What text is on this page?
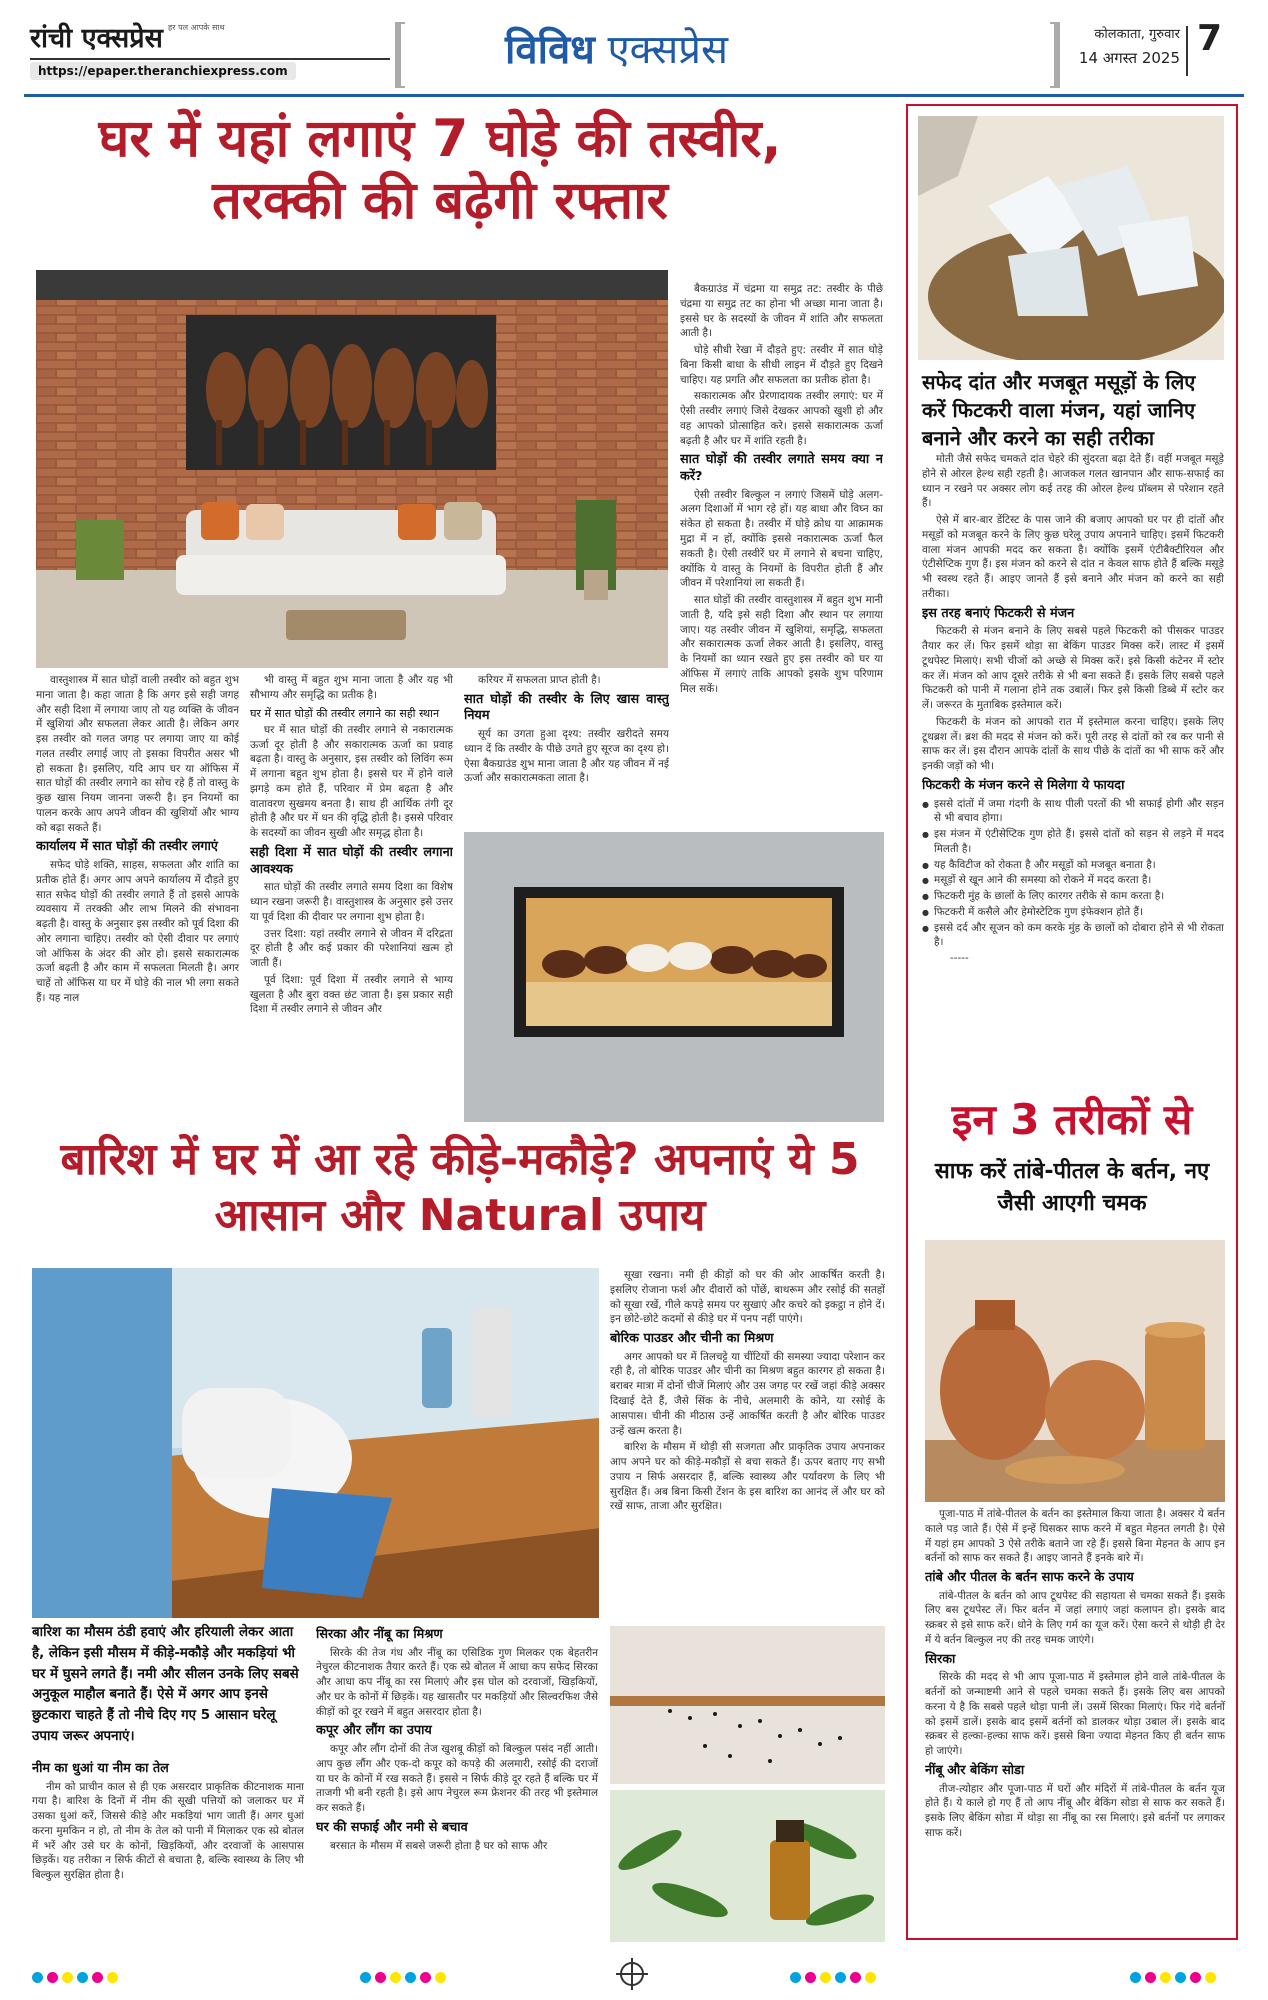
रांची एक्सप्रेस हर पल आपके साथ
https://epaper.theranchiexpress.com	विविध एक्सप्रेस	कोलकाता, गुरुवार
14 अगस्त 2025 7
घर में यहां लगाएं 7 घोड़े की तस्वीर, तरक्की की बढ़ेगी रफ्तार

वास्तुशास्त्र में सात घोड़ों वाली तस्वीर को बहुत शुभ माना जाता है। कहा जाता है कि अगर इसे सही जगह और सही दिशा में लगाया जाए तो यह व्यक्ति के जीवन में खुशियां और सफलता लेकर आती है। लेकिन अगर इस तस्वीर को गलत जगह पर लगाया जाए या कोई गलत तस्वीर लगाई जाए तो इसका विपरीत असर भी हो सकता है। इसलिए, यदि आप घर या ऑफिस में सात घोड़ों की तस्वीर लगाने का सोच रहे हैं तो वास्तु के कुछ खास नियम जानना जरूरी है। इन नियमों का पालन करके आप अपने जीवन की खुशियों और भाग्य को बढ़ा सकते हैं।

कार्यालय में सात घोड़ों की तस्वीर लगाएं

सफेद घोड़े शक्ति, साहस, सफलता और शांति का प्रतीक होते हैं। अगर आप अपने कार्यालय में दौड़ते हुए सात सफेद घोड़ों की तस्वीर लगाते हैं तो इससे आपके व्यवसाय में तरक्की और लाभ मिलने की संभावना बढ़ती है। वास्तु के अनुसार इस तस्वीर को पूर्व दिशा की ओर लगाना चाहिए। तस्वीर को ऐसी दीवार पर लगाएं जो ऑफिस के अंदर की ओर हो। इससे सकारात्मक ऊर्जा बढ़ती है और काम में सफलता मिलती है। अगर चाहें तो ऑफिस या घर में घोड़े की नाल भी लगा सकते हैं। यह नाल

भी वास्तु में बहुत शुभ माना जाता है और यह भी सौभाग्य और समृद्धि का प्रतीक है।

घर में सात घोड़ों की तस्वीर लगाने का सही स्थान

घर में सात घोड़ों की तस्वीर लगाने से नकारात्मक ऊर्जा दूर होती है और सकारात्मक ऊर्जा का प्रवाह बढ़ता है। वास्तु के अनुसार, इस तस्वीर को लिविंग रूम में लगाना बहुत शुभ होता है। इससे घर में होने वाले झगड़े कम होते हैं, परिवार में प्रेम बढ़ता है और वातावरण सुखमय बनता है। साथ ही आर्थिक तंगी दूर होती है और घर में धन की वृद्धि होती है। इससे परिवार के सदस्यों का जीवन सुखी और समृद्ध होता है।

सही दिशा में सात घोड़ों की तस्वीर लगाना आवश्यक

सात घोड़ों की तस्वीर लगाते समय दिशा का विशेष ध्यान रखना जरूरी है। वास्तुशास्त्र के अनुसार इसे उत्तर या पूर्व दिशा की दीवार पर लगाना शुभ होता है।

उत्तर दिशा: यहां तस्वीर लगाने से जीवन में दरिद्रता दूर होती है और कई प्रकार की परेशानियां खत्म हो जाती हैं।

पूर्व दिशा: पूर्व दिशा में तस्वीर लगाने से भाग्य खुलता है और बुरा वक्त छंट जाता है। इस प्रकार सही दिशा में तस्वीर लगाने से जीवन और

करियर में सफलता प्राप्त होती है।

सात घोड़ों की तस्वीर के लिए खास वास्तु नियम

सूर्य का उगता हुआ दृश्य: तस्वीर खरीदते समय ध्यान दें कि तस्वीर के पीछे उगते हुए सूरज का दृश्य हो। ऐसा बैकग्राउंड शुभ माना जाता है और यह जीवन में नई ऊर्जा और सकारात्मकता लाता है।

बैकग्राउंड में चंद्रमा या समुद्र तट: तस्वीर के पीछे चंद्रमा या समुद्र तट का होना भी अच्छा माना जाता है। इससे घर के सदस्यों के जीवन में शांति और सफलता आती है।

घोड़े सीधी रेखा में दौड़ते हुए: तस्वीर में सात घोड़े बिना किसी बाधा के सीधी लाइन में दौड़ते हुए दिखने चाहिए। यह प्रगति और सफलता का प्रतीक होता है।

सकारात्मक और प्रेरणादायक तस्वीर लगाएं: घर में ऐसी तस्वीर लगाएं जिसे देखकर आपको खुशी हो और वह आपको प्रोत्साहित करे। इससे सकारात्मक ऊर्जा बढ़ती है और घर में शांति रहती है।

सात घोड़ों की तस्वीर लगाते समय क्या न करें?

ऐसी तस्वीर बिल्कुल न लगाएं जिसमें घोड़े अलग-अलग दिशाओं में भाग रहे हों। यह बाधा और विघ्न का संकेत हो सकता है। तस्वीर में घोड़े क्रोध या आक्रामक मुद्रा में न हों, क्योंकि इससे नकारात्मक ऊर्जा फैल सकती है। ऐसी तस्वीरें घर में लगाने से बचना चाहिए, क्योंकि ये वास्तु के नियमों के विपरीत होती हैं और जीवन में परेशानियां ला सकती हैं।

सात घोड़ों की तस्वीर वास्तुशास्त्र में बहुत शुभ मानी जाती है, यदि इसे सही दिशा और स्थान पर लगाया जाए। यह तस्वीर जीवन में खुशियां, समृद्धि, सफलता और सकारात्मक ऊर्जा लेकर आती है। इसलिए, वास्तु के नियमों का ध्यान रखते हुए इस तस्वीर को घर या ऑफिस में लगाएं ताकि आपको इसके शुभ परिणाम मिल सकें।

बारिश में घर में आ रहे कीड़े-मकौड़े? अपनाएं ये 5 आसान और Natural उपाय
बारिश का मौसम ठंडी हवाएं और हरियाली लेकर आता है, लेकिन इसी मौसम में कीड़े-मकौड़े और मकड़ियां भी घर में घुसने लगते हैं। नमी और सीलन उनके लिए सबसे अनुकूल माहौल बनाते हैं। ऐसे में अगर आप इनसे छुटकारा चाहते हैं तो नीचे दिए गए 5 आसान घरेलू उपाय जरूर अपनाएं।

नीम का धुआं या नीम का तेल

नीम को प्राचीन काल से ही एक असरदार प्राकृतिक कीटनाशक माना गया है। बारिश के दिनों में नीम की सूखी पत्तियों को जलाकर घर में उसका धुआं करें, जिससे कीड़े और मकड़ियां भाग जाती हैं। अगर धुआं करना मुमकिन न हो, तो नीम के तेल को पानी में मिलाकर एक स्प्रे बोतल में भरें और उसे घर के कोनों, खिड़कियों, और दरवाजों के आसपास छिड़कें। यह तरीका न सिर्फ कीटों से बचाता है, बल्कि स्वास्थ्य के लिए भी बिल्कुल सुरक्षित होता है।

सिरका और नींबू का मिश्रण

सिरके की तेज गंध और नींबू का एसिडिक गुण मिलकर एक बेहतरीन नेचुरल कीटनाशक तैयार करते हैं। एक स्प्रे बोतल में आधा कप सफेद सिरका और आधा कप नींबू का रस मिलाएं और इस घोल को दरवाजों, खिड़कियों, और घर के कोनों में छिड़कें। यह खासतौर पर मकड़ियों और सिल्वरफिश जैसे कीड़ों को दूर रखने में बहुत असरदार होता है।

कपूर और लौंग का उपाय

कपूर और लौंग दोनों की तेज खुशबू कीड़ों को बिल्कुल पसंद नहीं आती। आप कुछ लौंग और एक-दो कपूर को कपड़े की अलमारी, रसोई की दराजों या घर के कोनों में रख सकते हैं। इससे न सिर्फ कीड़े दूर रहते हैं बल्कि घर में ताजगी भी बनी रहती है। इसे आप नेचुरल रूम फ्रेशनर की तरह भी इस्तेमाल कर सकते हैं।

घर की सफाई और नमी से बचाव

बरसात के मौसम में सबसे जरूरी होता है घर को साफ और

सूखा रखना। नमी ही कीड़ों को घर की ओर आकर्षित करती है। इसलिए रोजाना फर्श और दीवारों को पोंछें, बाथरूम और रसोई की सतहों को सूखा रखें, गीले कपड़े समय पर सुखाएं और कचरे को इकट्ठा न होने दें। इन छोटे-छोटे कदमों से कीड़े घर में पनप नहीं पाएंगे।

बोरिक पाउडर और चीनी का मिश्रण

अगर आपको घर में तिलचट्टे या चींटियों की समस्या ज्यादा परेशान कर रही है, तो बोरिक पाउडर और चीनी का मिश्रण बहुत कारगर हो सकता है। बराबर मात्रा में दोनों चीजें मिलाएं और उस जगह पर रखें जहां कीड़े अक्सर दिखाई देते हैं, जैसे सिंक के नीचे, अलमारी के कोने, या रसोई के आसपास। चीनी की मीठास उन्हें आकर्षित करती है और बोरिक पाउडर उन्हें खत्म करता है।

बारिश के मौसम में थोड़ी सी सजगता और प्राकृतिक उपाय अपनाकर आप अपने घर को कीड़े-मकौड़ों से बचा सकते हैं। ऊपर बताए गए सभी उपाय न सिर्फ असरदार हैं, बल्कि स्वास्थ्य और पर्यावरण के लिए भी सुरक्षित हैं। अब बिना किसी टेंशन के इस बारिश का आनंद लें और घर को रखें साफ, ताजा और सुरक्षित।

सफेद दांत और मजबूत मसूड़ों के लिए करें फिटकरी वाला मंजन, यहां जानिए बनाने और करने का सही तरीका

मोती जैसे सफेद चमकते दांत चेहरे की सुंदरता बढ़ा देते हैं। वहीं मजबूत मसूड़े होने से ओरल हेल्थ सही रहती है। आजकल गलत खानपान और साफ-सफाई का ध्यान न रखने पर अक्सर लोग कई तरह की ओरल हेल्थ प्रॉब्लम से परेशान रहते हैं।

ऐसे में बार-बार डेंटिस्ट के पास जाने की बजाए आपको घर पर ही दांतों और मसूड़ों को मजबूत करने के लिए कुछ घरेलू उपाय अपनाने चाहिए। इसमें फिटकरी वाला मंजन आपकी मदद कर सकता है। क्योंकि इसमें एंटीबैक्टीरियल और एंटीसेप्टिक गुण हैं। इस मंजन को करने से दांत न केवल साफ होते हैं बल्कि मसूड़े भी स्वस्थ रहते हैं। आइए जानते हैं इसे बनाने और मंजन को करने का सही तरीका।

इस तरह बनाएं फिटकरी से मंजन

फिटकरी से मंजन बनाने के लिए सबसे पहले फिटकरी को पीसकर पाउडर तैयार कर लें। फिर इसमें थोड़ा सा बेकिंग पाउडर मिक्स करें। लास्ट में इसमें टूथपेस्ट मिलाएं। सभी चीजों को अच्छे से मिक्स करें। इसे किसी कंटेनर में स्टोर कर लें। मंजन को आप दूसरे तरीके से भी बना सकते हैं। इसके लिए सबसे पहले फिटकरी को पानी में गलाना होने तक उबालें। फिर इसे किसी डिब्बे में स्टोर कर लें। जरूरत के मुताबिक इस्तेमाल करें।

फिटकरी के मंजन को आपको रात में इस्तेमाल करना चाहिए। इसके लिए टूथब्रश लें। ब्रश की मदद से मंजन को करें। पूरी तरह से दांतों को रब कर पानी से साफ कर लें। इस दौरान आपके दांतों के साथ पीछे के दांतों का भी साफ करें और इनकी जड़ों को भी।

फिटकरी के मंजन करने से मिलेगा ये फायदा

● इससे दांतों में जमा गंदगी के साथ पीली परतों की भी सफाई होगी और सड़न से भी बचाव होगा।
● इस मंजन में एंटीसेप्टिक गुण होते हैं। इससे दांतों को सड़न से लड़ने में मदद मिलती है।
● यह कैविटीज को रोकता है और मसूड़ों को मजबूत बनाता है।
● मसूड़ों से खून आने की समस्या को रोकने में मदद करता है।
● फिटकरी मुंह के छालों के लिए कारगर तरीके से काम करता है।
● फिटकरी में कसैले और हेमोस्टेटिक गुण इंफेक्शन होते हैं।
● इससे दर्द और सूजन को कम करके मुंह के छालों को दोबारा होने से भी रोकता है।

-----

इन 3 तरीकों से
साफ करें तांबे-पीतल के बर्तन, नए जैसी आएगी चमक

पूजा-पाठ में तांबे-पीतल के बर्तन का इस्तेमाल किया जाता है। अक्सर ये बर्तन काले पड़ जाते हैं। ऐसे में इन्हें घिसकर साफ करने में बहुत मेहनत लगती है। ऐसे में यहां हम आपको 3 ऐसे तरीके बताने जा रहे हैं। इससे बिना मेहनत के आप इन बर्तनों को साफ कर सकते हैं। आइए जानते हैं इनके बारे में।

तांबे और पीतल के बर्तन साफ करने के उपाय

तांबे-पीतल के बर्तन को आप टूथपेस्ट की सहायता से चमका सकते हैं। इसके लिए बस टूथपेस्ट लें। फिर बर्तन में जहां लगाएं जहां कलापन हो। इसके बाद स्क्रबर से इसे साफ करें। धोने के लिए गर्म का यूज करें। ऐसा करने से थोड़ी ही देर में ये बर्तन बिल्कुल नए की तरह चमक जाएंगे।

सिरका

सिरके की मदद से भी आप पूजा-पाठ में इस्तेमाल होने वाले तांबे-पीतल के बर्तनों को जन्माष्टमी आने से पहले चमका सकते हैं। इसके लिए बस आपको करना ये है कि सबसे पहले थोड़ा पानी लें। उसमें सिरका मिलाएं। फिर गंदे बर्तनों को इसमें डालें। इसके बाद इसमें बर्तनों को डालकर थोड़ा उबाल लें। इसके बाद स्क्रबर से हल्का-हल्का साफ करें। इससे बिना ज्यादा मेहनत किए ही बर्तन साफ हो जाएंगे।

नींबू और बेकिंग सोडा

तीज-त्योहार और पूजा-पाठ में घरों और मंदिरों में तांबे-पीतल के बर्तन यूज होते हैं। ये काले हो गए हैं तो आप नींबू और बेकिंग सोडा से साफ कर सकते हैं। इसके लिए बेकिंग सोडा में थोड़ा सा नींबू का रस मिलाएं। इसे बर्तनों पर लगाकर साफ करें।
